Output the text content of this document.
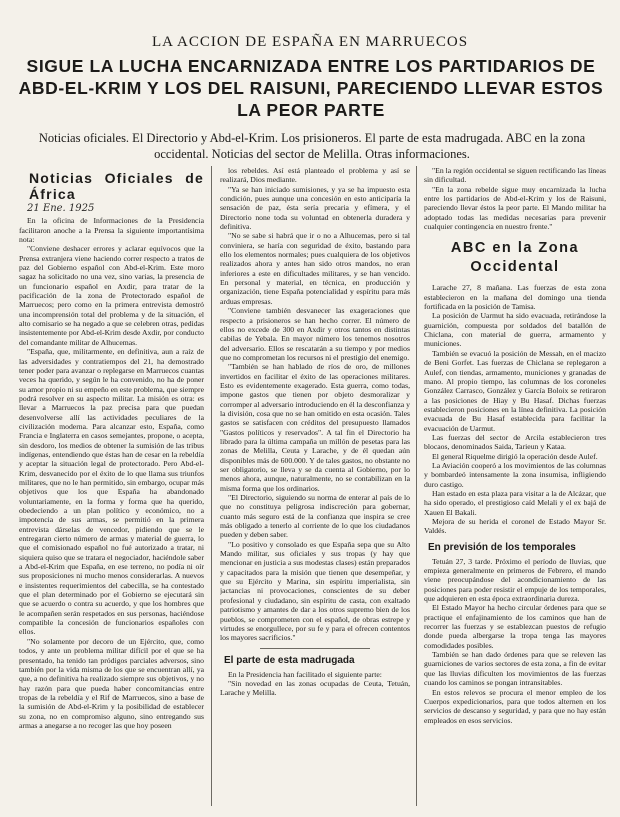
LA ACCION DE ESPAÑA EN MARRUECOS
SIGUE LA LUCHA ENCARNIZADA ENTRE LOS PARTIDARIOS DE ABD-EL-KRIM Y LOS DEL RAISUNI, PARECIENDO LLEVAR ESTOS LA PEOR PARTE
Noticias oficiales. El Directorio y Abd-el-Krim. Los prisioneros. El parte de esta madrugada. ABC en la zona occidental. Noticias del sector de Melilla. Otras informaciones.
Noticias Oficiales de África
21 Ene. 1925

En la oficina de Informaciones de la Presidencia facilitaron anoche a la Prensa la siguiente importantísima nota:

"Conviene deshacer errores y aclarar equívocos que la Prensa extranjera viene haciendo correr respecto a tratos de paz del Gobierno español con Abd-el-Krim. Este moro sagaz ha solicitado no una vez, sino varias, la presencia de un funcionario español en Axdir, para tratar de la pacificación de la zona de Protectorado español de Marruecos; pero como en la primera entrevista demostró una incomprensión total del problema y de la situación, el alto comisario se ha negado a que se celebren otras, pedidas insistentemente por Abd-el-Krim desde Axdir, por conducto del comandante militar de Alhucemas.

"España, que, militarmente, en definitiva, aun a raíz de las adversidades y contratiempos del 21, ha demostrado tener poder para avanzar o replegarse en Marruecos cuantas veces ha querido, y según le ha convenido, no ha de poner su amor propio ni su empeño en este problema, que siempre podrá resolver en su aspecto militar. La misión es otra: es llevar a Marruecos la paz precisa para que puedan desenvolverse allí las actividades peculiares de la civilización moderna. Para alcanzar esto, España, como Francia e Inglaterra en casos semejantes, propone, o acepta, sin desdoro, los medios de obtener la sumisión de las tribus indígenas, entendiendo que éstas han de cesar en la rebeldía y aceptar la situación legal de protectorado. Pero Abd-el-Krim, desvanecido por el éxito de lo que llama sus triunfos militares, que no le han permitido, sin embargo, ocupar más objetivos que los que España ha abandonado voluntariamente, en la forma y forma que ha querido, obedeciendo a un plan político y económico, no a impotencia de sus armas, se permitió en la primera entrevista dárselas de vencedor, pidiendo que se le entregaran cierto número de armas y material de guerra, lo que el comisionado español no fué autorizado a tratar, ni siquiera quiso que se tratara el negociador, haciéndole saber a Abd-el-Krim que España, en ese terreno, no podía ni oír sus proposiciones ni mucho menos considerarlas. A nuevos e insistentes requerimientos del cabecilla, se ha contestado que el plan determinado por el Gobierno se ejecutará sin que se acuerdo o contra su acuerdo, y que los hombres que le acompañen serán respetados en sus personas, haciéndose compatible la concesión de funcionarios españoles con ellos.

"No solamente por decoro de un Ejército, que, como todos, y ante un problema militar difícil por el que se ha presentado, ha tenido tan pródigos parciales adversos, sino también por la vida misma de los que se encuentran allí, ya que, a no definitiva ha realizado siempre sus objetivos, y no hay razón para que pueda haber concomitancias entre tropas de la rebeldía y el Rif de Marruecos, sino a base de la sumisión de Abd-el-Krim y la posibilidad de establecer su zona, no en compromiso alguno, sino entregando sus armas a anegarse a no recoger las que hoy poseen

los rebeldes. Así está planteado el problema y así se realizará, Dios mediante.

"Ya se han iniciado sumisiones, y ya se ha impuesto esta condición, pues aunque una concesión en esto anticiparía la sensación de paz, ésta sería precaria y efímera, y el Directorio none toda su voluntad en obtenerla duradera y definitiva.

"No se sabe si habrá que ir o no a Alhucemas, pero si tal conviniera, se haría con seguridad de éxito, bastando para ello los elementos normales; pues cualquiera de los objetivos realizados ahora y antes han sido otros mandos, no eran inferiores a este en dificultades militares, y se han vencido. En personal y material, en técnica, en producción y organización, tiene España potencialidad y espíritu para más arduas empresas.

"Conviene también desvanecer las exageraciones que respecto a prisioneros se han hecho correr. El número de ellos no excede de 300 en Axdir y otros tantos en distintas cabilas de Yebala. En mayor número los tenemos nosotros del adversario. Ellos se rescatarán a su tiempo y por medios que no comprometan los recursos ni el prestigio del enemigo.

"También se han hablado de ríos de oro, de millones invertidos en facilitar el éxito de las operaciones militares. Esto es evidentemente exagerado. Esta guerra, como todas, impone gastos que tienen por objeto desmoralizar y corromper al adversario introduciendo en él la desconfianza y la división, cosa que no se han omitido en esta ocasión. Tales gastos se satisfacen con créditos del presupuesto llamados "Gastos políticos y reservados". A tal fin el Directorio ha librado para la última campaña un millón de pesetas para las zonas de Melilla, Ceuta y Larache, y de él quedan aún disponibles más de 600.000. Y de tales gastos, no obstante no ser obligatorio, se lleva y se da cuenta al Gobierno, por lo menos ahora, aunque, naturalmente, no se contabilizan en la misma forma que los ordinarios.

"El Directorio, siguiendo su norma de enterar al país de lo que no constituya peligrosa indiscreción para gobernar, cuanto más seguro está de la confianza que inspira se cree más obligado a tenerlo al corriente de lo que los ciudadanos pueden y deben saber.

"Lo positivo y consolado es que España sepa que su Alto Mando militar, sus oficiales y sus tropas (y hay que mencionar en justicia a sus modestas clases) están preparados y capacitados para la misión que tienen que desempeñar, y que su Ejército y Marina, sin espíritu imperialista, sin jactancias ni provocaciones, conscientes de su deber profesional y ciudadano, sin espíritu de casta, con exaltado patriotismo y amantes de dar a los otros supremo bien de los pueblos, se comprometen con el español, de obras estrepe y virtudes se enorgullece, por su fe y para el ofrecen contentos los mayores sacrificios."

El parte de esta madrugada

En la Presidencia han facilitado el siguiente parte:

"Sin novedad en las zonas ocupadas de Ceuta, Tetuán, Larache y Melilla.

"En la región occidental se siguen rectificando las líneas sin dificultad.

"En la zona rebelde sigue muy encarnizada la lucha entre los partidarios de Abd-el-Krim y los de Raisuni, pareciendo llevar éstos la peor parte. El Mando militar ha adoptado todas las medidas necesarias para prevenir cualquier contingencia en nuestro frente."

ABC en la Zona Occidental

Larache 27, 8 mañana. Las fuerzas de esta zona establecieron en la mañana del domingo una tienda fortificada en la posición de Tamisa.

La posición de Uarmut ha sido evacuada, retirándose la guarnición, compuesta por soldados del batallón de Chiclana, con material de guerra, armamento y municiones.

También se evacuó la posición de Messah, en el macizo de Beni Gorfet. Las fuerzas de Chiclana se replegaron a Aulef, con tiendas, armamento, municiones y granadas de mano. Al propio tiempo, las columnas de los coroneles González Carrasco, González y García Boloix se retiraron a las posiciones de Hiay y Bu Hasaf. Dichas fuerzas establecieron posiciones en la línea definitiva. La posición evacuada de Bu Hasaf establecida para facilitar la evacuación de Uarmut.

Las fuerzas del sector de Arcila establecieron tres blocaos, denominados Saida, Tarieun y Kataa.

El general Riquelme dirigió la operación desde Aulef.

La Aviación cooperó a los movimientos de las columnas y bombardeó intensamente la zona insumisa, infligiendo duro castigo.

Han estado en esta plaza para visitar a la de Alcázar, que ha sido operado, el prestigioso caíd Melali y el ex bajá de Xauen El Bakali.

Mejora de su herida el coronel de Estado Mayor Sr. Valdés.

En previsión de los temporales

Tetuán 27, 3 tarde. Próximo el período de lluvias, que empieza generalmente en primeros de Febrero, el mando viene preocupándose del acondicionamiento de las posiciones para poder resistir el empuje de los temporales, que adquieren en esta época extraordinaria dureza.

El Estado Mayor ha hecho circular órdenes para que se practique el enfajinamiento de los caminos que han de recorrer las fuerzas y se establezcan puestos de refugio donde pueda albergarse la tropa tenga las mayores comodidades posibles.

También se han dado órdenes para que se releven las guarniciones de varios sectores de esta zona, a fin de evitar que las lluvias dificulten los movimientos de las fuerzas cuando los caminos se pongan intransitables.

En estos relevos se procura el menor empleo de los Cuerpos expedicionarios, para que todos alternen en los servicios de descanso y seguridad, y para que no hay están empleados en esos servicios.
